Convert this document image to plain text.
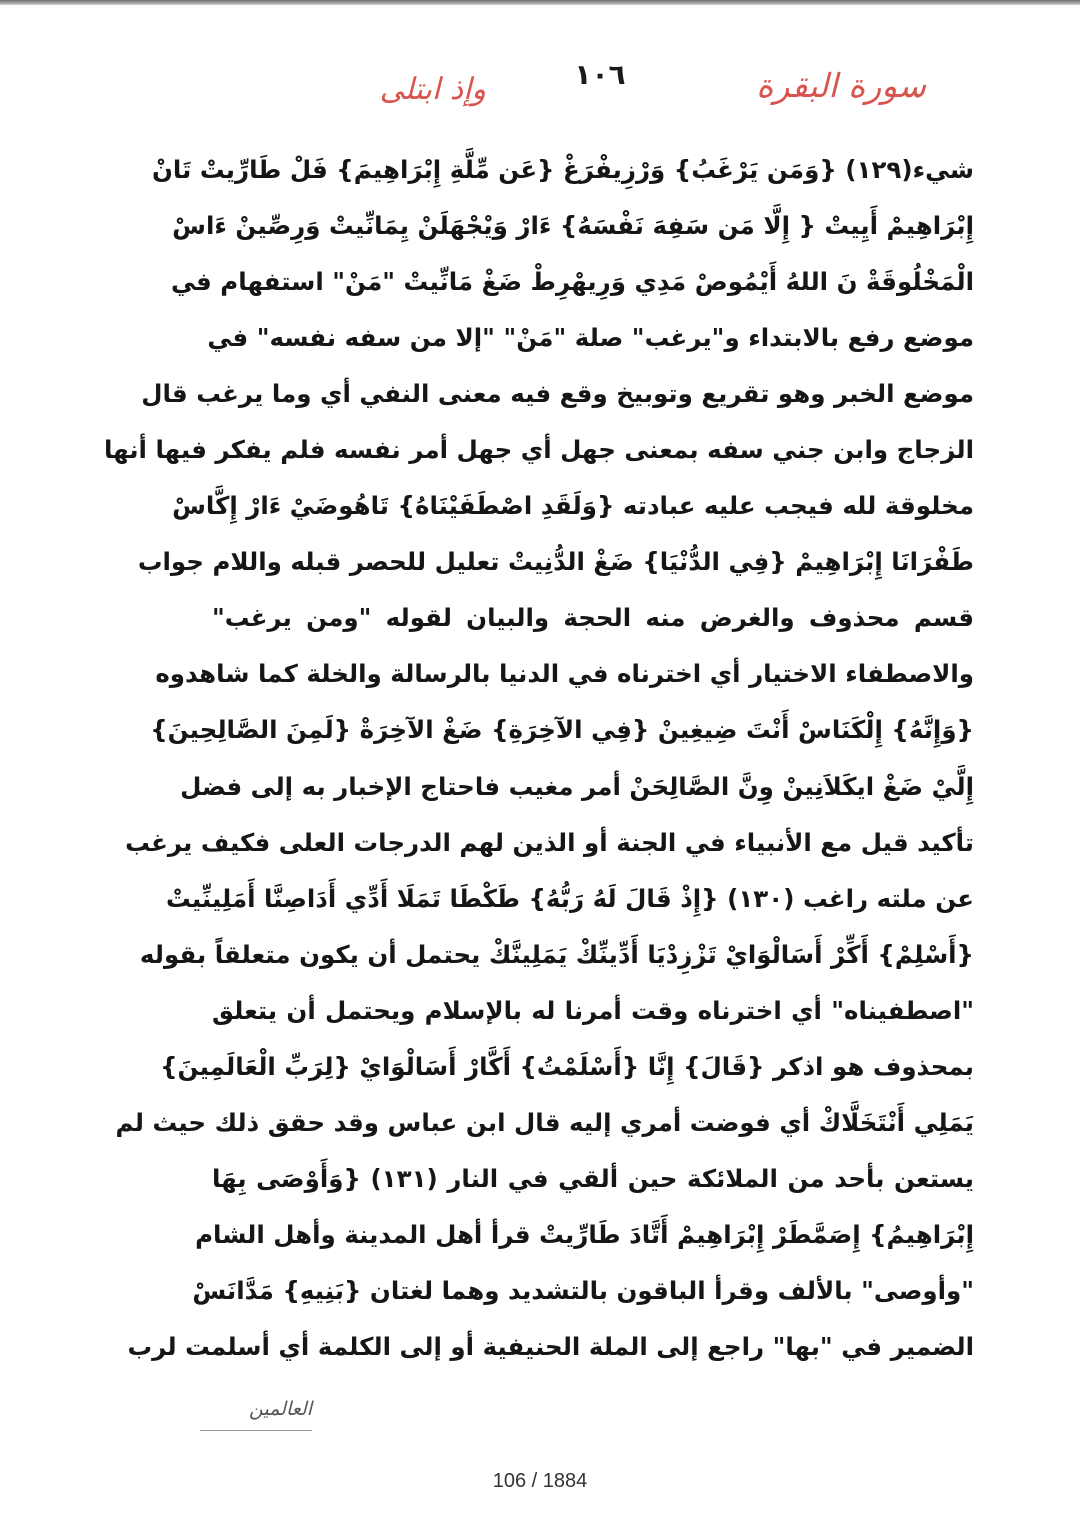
سورة البقرة
١٠٦
وإذ ابتلى
شيء(١٢٩) {وَمَن يَرْغَبُ} وَرْزِيفْرَغْ {عَن مِّلَّةِ إِبْرَاهِيمَ} فَلْ طَارِّيتْ تَانْ
إِبْرَاهِيمْ أَيِيتْ { إِلَّا مَن سَفِهَ نَفْسَهُ} ءَارْ وَيْجْهَلَنْ يِمَانِّيتْ وَرِصِّينْ ءَاسْ
الْمَخْلُوقَةْ نَ اللهُ أَيْمُوصْ مَدِي وَرِيهْرِطْ ضَغْ مَانِّيتْ "مَنْ" استفهام في
موضع رفع بالابتداء و"يرغب" صلة "مَنْ" "إلا من سفه نفسه" في
موضع الخبر وهو تقريع وتوبيخ وقع فيه معنى النفي أي وما يرغب قال
الزجاج وابن جني سفه بمعنى جهل أي جهل أمر نفسه فلم يفكر فيها أنها
مخلوقة لله فيجب عليه عبادته {وَلَقَدِ اصْطَفَيْنَاهُ} تَاهُوضَيْ ءَارْ إِكَّاسْ
طَفْرَانَا إِبْرَاهِيمْ {فِي الدُّنْيَا} ضَغْ الدُّنِيتْ تعليل للحصر قبله واللام جواب
قسم محذوف والغرض منه الحجة والبيان لقوله "ومن يرغب"
والاصطفاء الاختيار أي اخترناه في الدنيا بالرسالة والخلة كما شاهدوه
{وَإِنَّهُ} إِلْكَنَاسْ أَنْتَ ضِيغِينْ {فِي الآخِرَةِ} ضَغْ الآخِرَةْ {لَمِنَ الصَّالِحِينَ}
إِلَّيْ ضَغْ ايكَلاَنِينْ وِنَّ الصَّالِحَنْ أمر مغيب فاحتاج الإخبار به إلى فضل
تأكيد قيل مع الأنبياء في الجنة أو الذين لهم الدرجات العلى فكيف يرغب
عن ملته راغب (١٣٠) {إِذْ قَالَ لَهُ رَبُّهُ} طَكْطَا تَمَلَا أَدِّي أَدَاصِنَّا أَمَلِينِّيتْ
{أَسْلِمْ} أَكِّرْ أَسَالْوَايْ تَزْزِدْيَا أَدِّينِّكْ يَمَلِينَّكْ يحتمل أن يكون متعلقاً بقوله
"اصطفيناه" أي اخترناه وقت أمرنا له بالإسلام ويحتمل أن يتعلق
بمحذوف هو اذكر {قَالَ} إِنَّا {أَسْلَمْتُ} أَكَّارْ أَسَالْوَايْ {لِرَبِّ الْعَالَمِينَ}
يَمَلِي أَنْتَخَلَّاكْ أي فوضت أمري إليه قال ابن عباس وقد حقق ذلك حيث لم
يستعن بأحد من الملائكة حين ألقي في النار (١٣١) {وَأَوْصَى بِهَا
إِبْرَاهِيمُ} إِصَمَّطَرْ إِبْرَاهِيمْ أَتَّادَ طَارِّيتْ قرأ أهل المدينة وأهل الشام
"وأوصى" بالألف وقرأ الباقون بالتشديد وهما لغتان {بَنِيهِ} مَدَّانَسْ
الضمير في "بها" راجع إلى الملة الحنيفية أو إلى الكلمة أي أسلمت لرب
العالمين
106 / 1884
